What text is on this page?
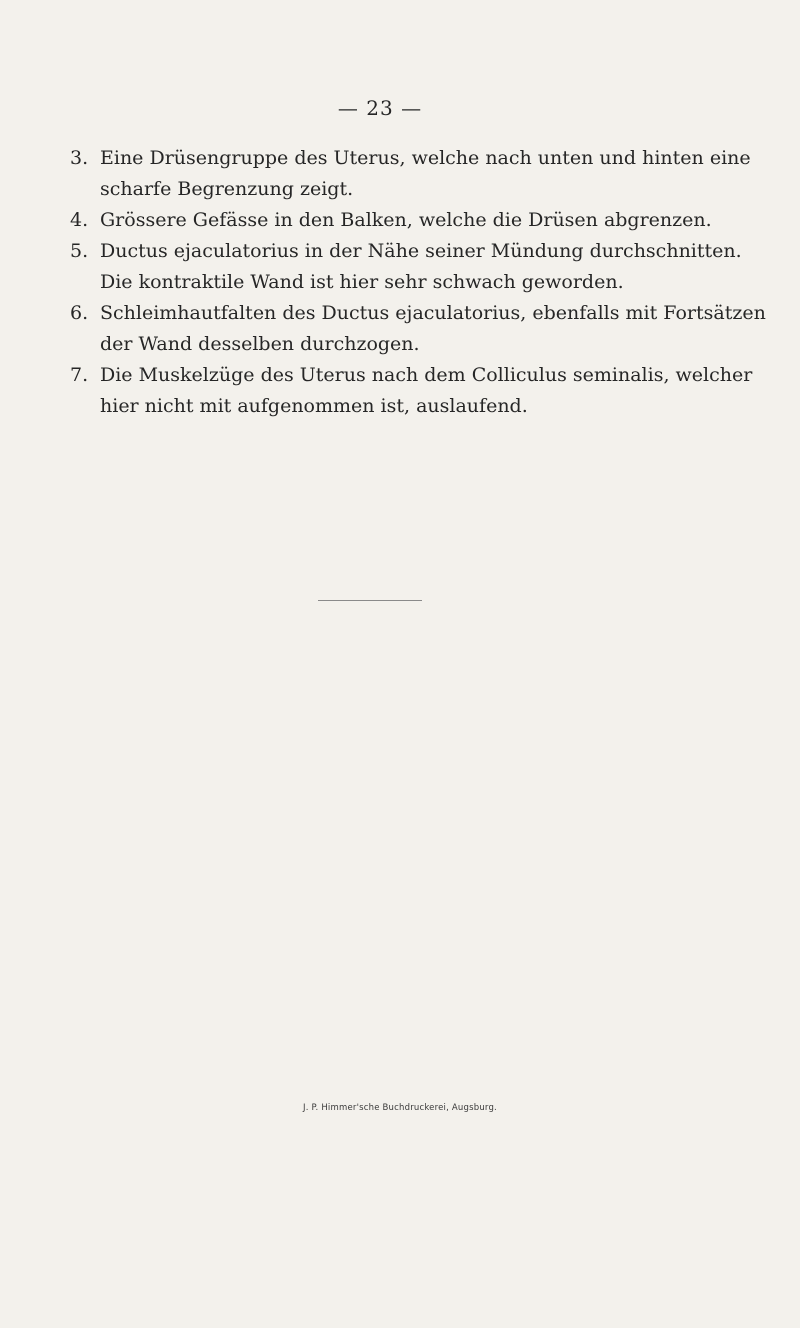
— 23 —
3. Eine Drüsengruppe des Uterus, welche nach unten und hinten eine scharfe Begrenzung zeigt.
4. Grössere Gefässe in den Balken, welche die Drüsen abgrenzen.
5. Ductus ejaculatorius in der Nähe seiner Mündung durchschnitten. Die kontraktile Wand ist hier sehr schwach geworden.
6. Schleimhautfalten des Ductus ejaculatorius, ebenfalls mit Fortsätzen der Wand desselben durchzogen.
7. Die Muskelzüge des Uterus nach dem Colliculus seminalis, welcher hier nicht mit aufgenommen ist, auslaufend.
J. P. Himmer'sche Buchdruckerei, Augsburg.
